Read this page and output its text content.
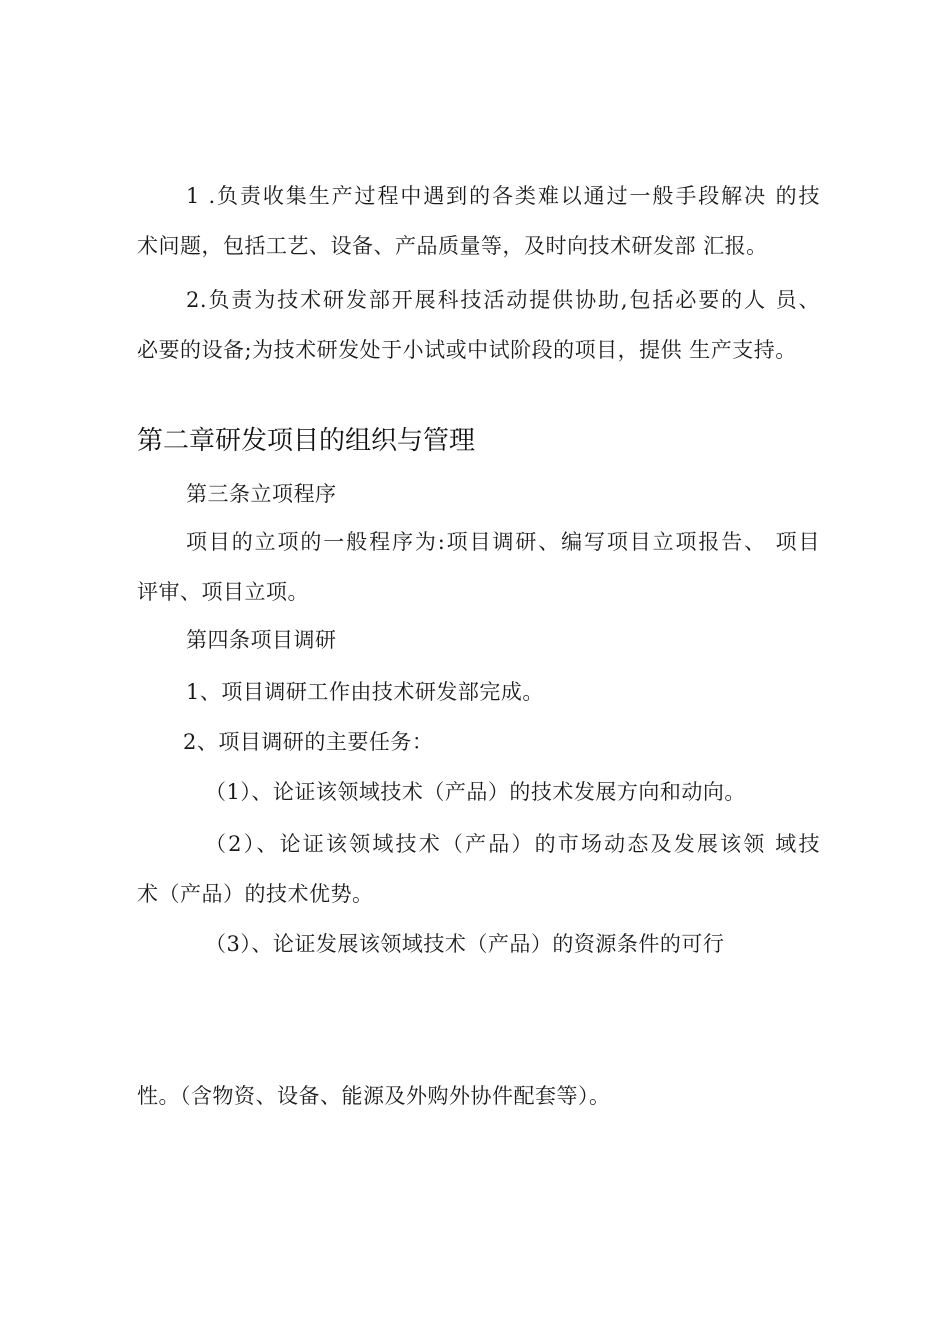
1 .负责收集生产过程中遇到的各类难以通过一般手段解决 的技
术问题，包括工艺、设备、产品质量等，及时向技术研发部 汇报。
2.负责为技术研发部开展科技活动提供协助,包括必要的人 员、
必要的设备;为技术研发处于小试或中试阶段的项目，提供 生产支持。
第二章研发项目的组织与管理
第三条立项程序
项目的立项的一般程序为:项目调研、编写项目立项报告、 项目
评审、项目立项。
第四条项目调研
1、项目调研工作由技术研发部完成。
2、项目调研的主要任务：
（1）、论证该领域技术（产品）的技术发展方向和动向。
（2）、论证该领域技术（产品）的市场动态及发展该领 域技
术（产品）的技术优势。
（3）、论证发展该领域技术（产品）的资源条件的可行
性。（含物资、设备、能源及外购外协件配套等）。
